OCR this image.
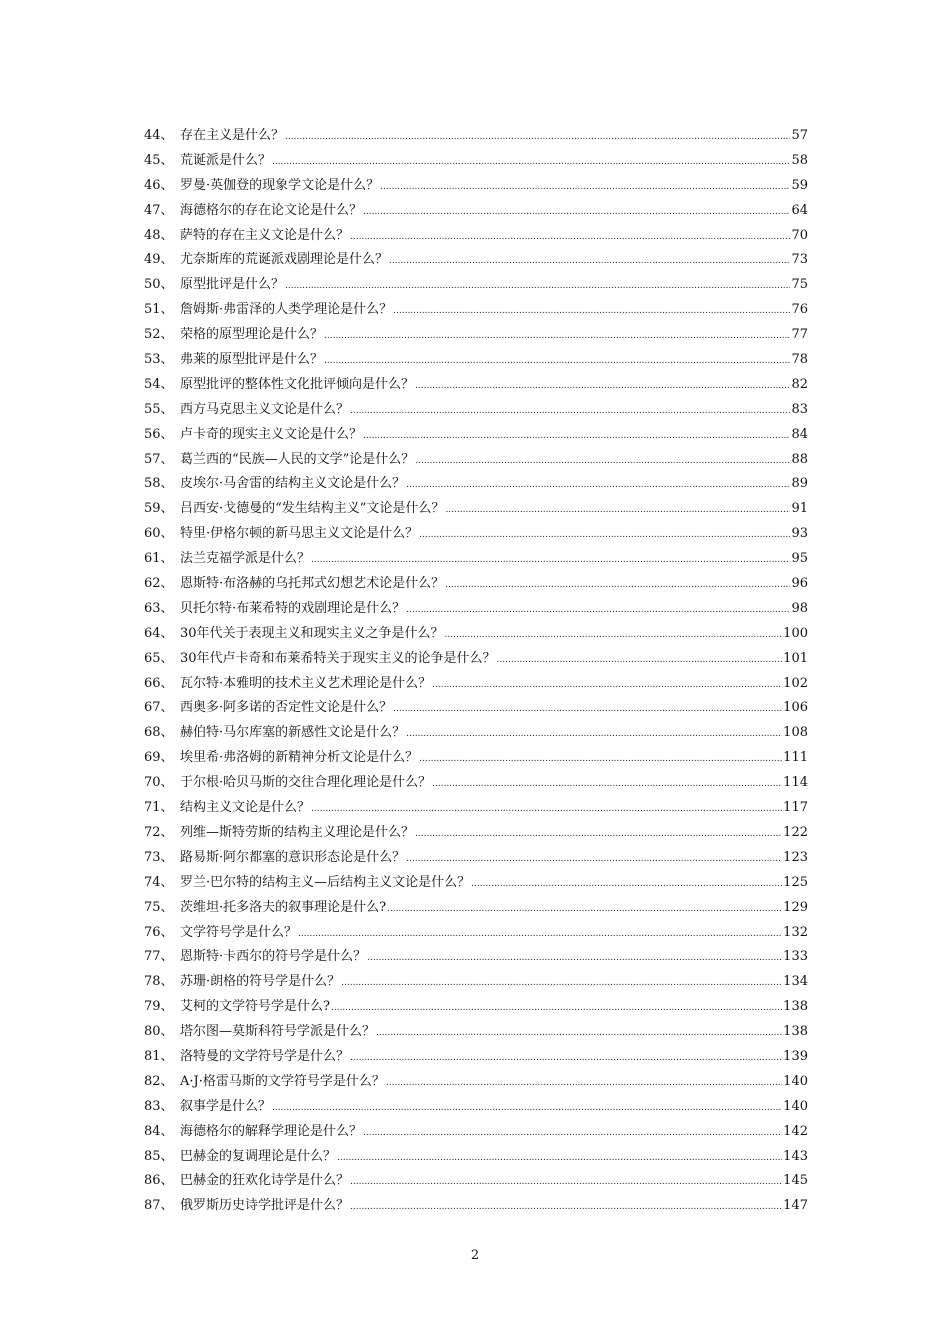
44、 存在主义是什么？ .....	57
45、 荒诞派是什么？ .....	58
46、 罗曼·英伽登的现象学文论是什么？ .....	59
47、 海德格尔的存在论文论是什么？ .....	64
48、 萨特的存在主义文论是什么？ .....	70
49、 尤奈斯库的荒诞派戏剧理论是什么？ .....	73
50、 原型批评是什么？ .....	75
51、 詹姆斯·弗雷泽的人类学理论是什么？ .....	76
52、 荣格的原型理论是什么？ .....	77
53、 弗莱的原型批评是什么？ .....	78
54、 原型批评的整体性文化批评倾向是什么？ .....	82
55、 西方马克思主义文论是什么？ .....	83
56、 卢卡奇的现实主义文论是什么？ .....	84
57、 葛兰西的“民族—人民的文学”论是什么？ .....	88
58、 皮埃尔·马舍雷的结构主义文论是什么？ .....	89
59、 吕西安·戈德曼的“发生结构主义”文论是什么？ .....	91
60、 特里·伊格尔顿的新马思主义文论是什么？ .....	93
61、 法兰克福学派是什么？ .....	95
62、 恩斯特·布洛赫的乌托邦式幻想艺术论是什么？ .....	96
63、 贝托尔特·布莱希特的戏剧理论是什么？ .....	98
64、 30年代关于表现主义和现实主义之争是什么？ .....	100
65、 30年代卢卡奇和布莱希特关于现实主义的论争是什么？ .....	101
66、 瓦尔特·本雅明的技术主义艺术理论是什么？ .....	102
67、 西奥多·阿多诺的否定性文论是什么？ .....	106
68、 赫伯特·马尔库塞的新感性文论是什么？ .....	108
69、 埃里希·弗洛姆的新精神分析文论是什么？ .....	111
70、 于尔根·哈贝马斯的交往合理化理论是什么？ .....	114
71、 结构主义文论是什么？ .....	117
72、 列维—斯特劳斯的结构主义理论是什么？ .....	122
73、 路易斯·阿尔都塞的意识形态论是什么？ .....	123
74、 罗兰·巴尔特的结构主义—后结构主义文论是什么？ .....	125
75、 茨维坦·托多洛夫的叙事理论是什么? .....	129
76、 文学符号学是什么？ .....	132
77、 恩斯特·卡西尔的符号学是什么？ .....	133
78、 苏珊·朗格的符号学是什么？ .....	134
79、 艾柯的文学符号学是什么? .....	138
80、 塔尔图—莫斯科符号学派是什么？ .....	138
81、 洛特曼的文学符号学是什么？ .....	139
82、 A·J·格雷马斯的文学符号学是什么？ .....	140
83、 叙事学是什么？ .....	140
84、 海德格尔的解释学理论是什么？ .....	142
85、 巴赫金的复调理论是什么？ .....	143
86、 巴赫金的狂欢化诗学是什么？ .....	145
87、 俄罗斯历史诗学批评是什么？ .....	147
2
